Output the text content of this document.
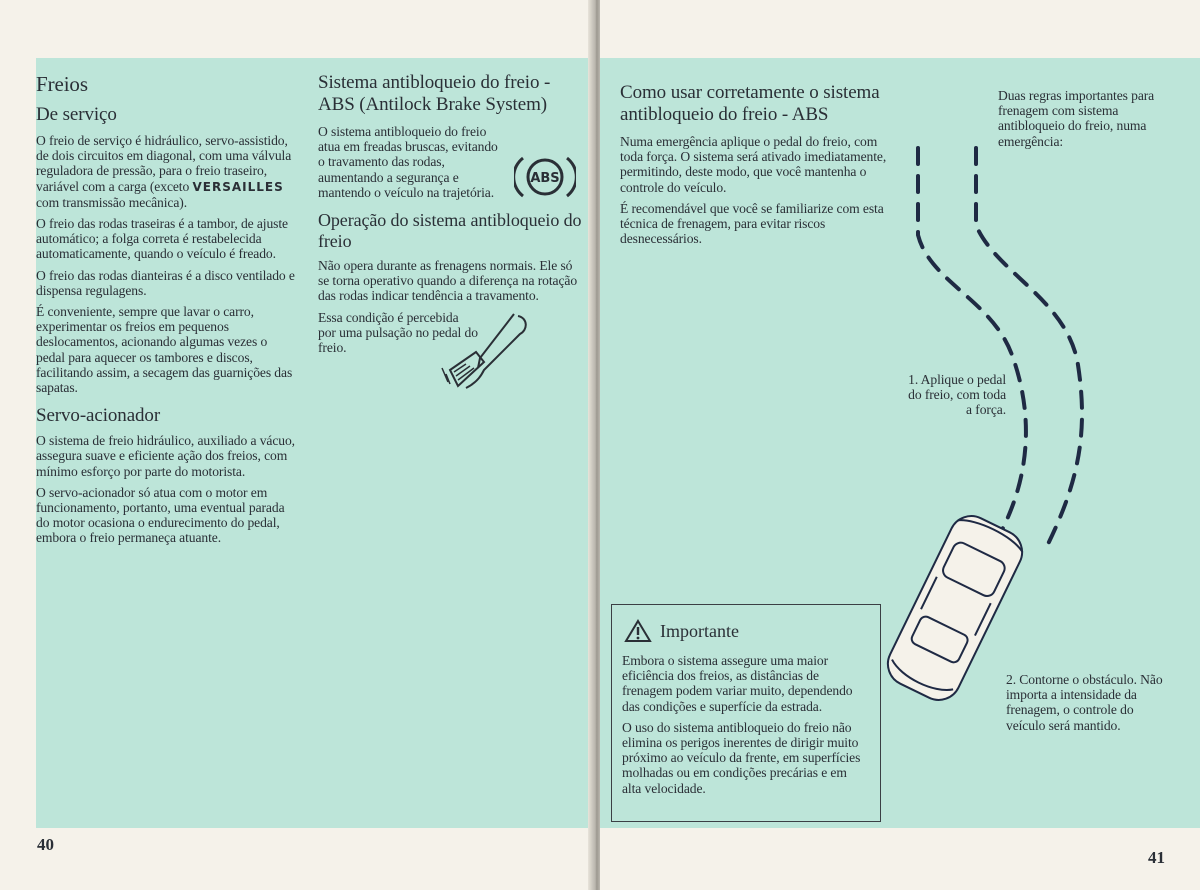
Freios
De serviço

O freio de serviço é hidráulico, servo-assistido, de dois circuitos em diagonal, com uma válvula reguladora de pressão, para o freio traseiro, variável com a carga (exceto VERSAILLES com transmissão mecânica).

O freio das rodas traseiras é a tambor, de ajuste automático; a folga correta é restabelecida automaticamente, quando o veículo é freado.

O freio das rodas dianteiras é a disco ventilado e dispensa regulagens.

É conveniente, sempre que lavar o carro, experimentar os freios em pequenos deslocamentos, acionando algumas vezes o pedal para aquecer os tambores e discos, facilitando assim, a secagem das guarnições das sapatas.

Servo-acionador

O sistema de freio hidráulico, auxiliado a vácuo, assegura suave e eficiente ação dos freios, com mínimo esforço por parte do motorista.

O servo-acionador só atua com o motor em funcionamento, portanto, uma eventual parada do motor ocasiona o endurecimento do pedal, embora o freio permaneça atuante.

Sistema antibloqueio do freio - ABS (Antilock Brake System)

O sistema antibloqueio do freio atua em freadas bruscas, evitando o travamento das rodas, aumentando a segurança e mantendo o veículo na trajetória.

Operação do sistema antibloqueio do freio

Não opera durante as frenagens normais. Ele só se torna operativo quando a diferença na rotação das rodas indicar tendência a travamento.

Essa condição é percebida por uma pulsação no pedal do freio.

ABS
40
Como usar corretamente o sistema antibloqueio do freio - ABS

Numa emergência aplique o pedal do freio, com toda força. O sistema será ativado imediatamente, permitindo, deste modo, que você mantenha o controle do veículo.

É recomendável que você se familiarize com esta técnica de frenagem, para evitar riscos desnecessários.

Duas regras importantes para frenagem com sistema antibloqueio do freio, numa emergência:
1. Aplique o pedal do freio, com toda a força.
2. Contorne o obstáculo. Não importa a intensidade da frenagem, o controle do veículo será mantido.
41
Importante

Embora o sistema assegure uma maior eficiência dos freios, as distâncias de frenagem podem variar muito, dependendo das condições e superfície da estrada.

O uso do sistema antibloqueio do freio não elimina os perigos inerentes de dirigir muito próximo ao veículo da frente, em superfícies molhadas ou em condições precárias e em alta velocidade.
